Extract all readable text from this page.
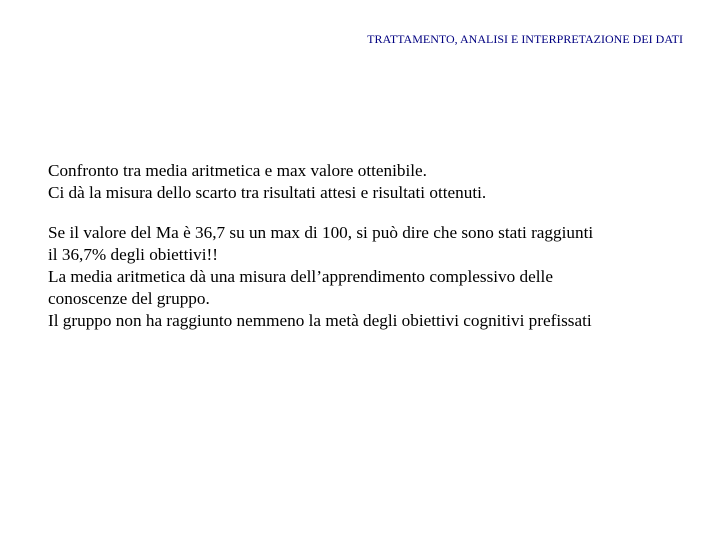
TRATTAMENTO, ANALISI E INTERPRETAZIONE DEI DATI
Confronto tra media aritmetica e max valore ottenibile.
Ci dà la misura dello scarto tra risultati attesi e risultati ottenuti.
Se il valore del Ma è 36,7 su un max di 100, si può dire che sono stati raggiunti
il 36,7% degli obiettivi!!
La media aritmetica dà una misura dell’apprendimento complessivo delle
conoscenze del gruppo.
Il gruppo non ha raggiunto nemmeno la metà degli obiettivi cognitivi prefissati
